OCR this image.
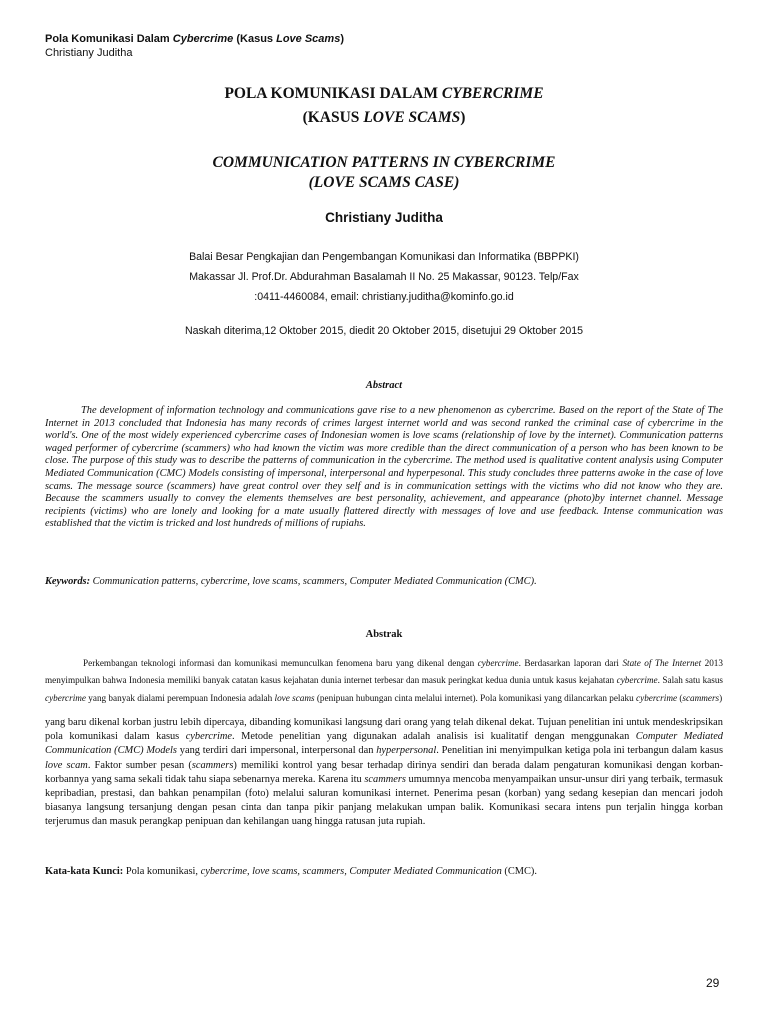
Pola Komunikasi Dalam Cybercrime (Kasus Love Scams)
Christiany Juditha
POLA KOMUNIKASI DALAM CYBERCRIME
(KASUS LOVE SCAMS)
COMMUNICATION PATTERNS IN CYBERCRIME
(LOVE SCAMS CASE)
Christiany Juditha
Balai Besar Pengkajian dan Pengembangan Komunikasi dan Informatika (BBPPKI)
Makassar Jl. Prof.Dr. Abdurahman Basalamah II No. 25 Makassar, 90123. Telp/Fax
:0411-4460084, email: christiany.juditha@kominfo.go.id
Naskah diterima,12 Oktober 2015, diedit 20 Oktober 2015, disetujui 29 Oktober 2015
Abstract

The development of information technology and communications gave rise to a new phenomenon as cybercrime. Based on the report of the State of The Internet in 2013 concluded that Indonesia has many records of crimes largest internet world and was second ranked the criminal case of cybercrime in the world's. One of the most widely experienced cybercrime cases of Indonesian women is love scams (relationship of love by the internet). Communication patterns waged performer of cybercrime (scammers) who had known the victim was more credible than the direct communication of a person who has been known to be close. The purpose of this study was to describe the patterns of communication in the cybercrime. The method used is qualitative content analysis using Computer Mediated Communication (CMC) Models consisting of impersonal, interpersonal and hyperpesonal. This study concludes three patterns awoke in the case of love scams. The message source (scammers) have great control over they self and is in communication settings with the victims who did not know who they are. Because the scammers usually to convey the elements themselves are best personality, achievement, and appearance (photo)by internet channel. Message recipients (victims) who are lonely and looking for a mate usually flattered directly with messages of love and use feedback. Intense communication was established that the victim is tricked and lost hundreds of millions of rupiahs.

Keywords: Communication patterns, cybercrime, love scams, scammers, Computer Mediated Communication (CMC).
Abstrak

Perkembangan teknologi informasi dan komunikasi memunculkan fenomena baru yang dikenal dengan cybercrime. Berdasarkan laporan dari State of The Internet 2013 menyimpulkan bahwa Indonesia memiliki banyak catatan kasus kejahatan dunia internet terbesar dan masuk peringkat kedua dunia untuk kasus kejahatan cybercrime. Salah satu kasus cybercrime yang banyak dialami perempuan Indonesia adalah love scams (penipuan hubungan cinta melalui internet). Pola komunikasi yang dilancarkan pelaku cybercrime (scammers)

yang baru dikenal korban justru lebih dipercaya, dibanding komunikasi langsung dari orang yang telah dikenal dekat. Tujuan penelitian ini untuk mendeskripsikan pola komunikasi dalam kasus cybercrime. Metode penelitian yang digunakan adalah analisis isi kualitatif dengan menggunakan Computer Mediated Communication (CMC) Models yang terdiri dari impersonal, interpersonal dan hyperpersonal. Penelitian ini menyimpulkan ketiga pola ini terbangun dalam kasus love scam. Faktor sumber pesan (scammers) memiliki kontrol yang besar terhadap dirinya sendiri dan berada dalam pengaturan komunikasi dengan korban-korbannya yang sama sekali tidak tahu siapa sebenarnya mereka. Karena itu scammers umumnya mencoba menyampaikan unsur-unsur diri yang terbaik, termasuk kepribadian, prestasi, dan bahkan penampilan (foto) melalui saluran komunikasi internet. Penerima pesan (korban) yang sedang kesepian dan mencari jodoh biasanya langsung tersanjung dengan pesan cinta dan tanpa pikir panjang melakukan umpan balik. Komunikasi secara intens pun terjalin hingga korban terjerumus dan masuk perangkap penipuan dan kehilangan uang hingga ratusan juta rupiah.

Kata-kata Kunci: Pola komunikasi, cybercrime, love scams, scammers, Computer Mediated Communication (CMC).
29
